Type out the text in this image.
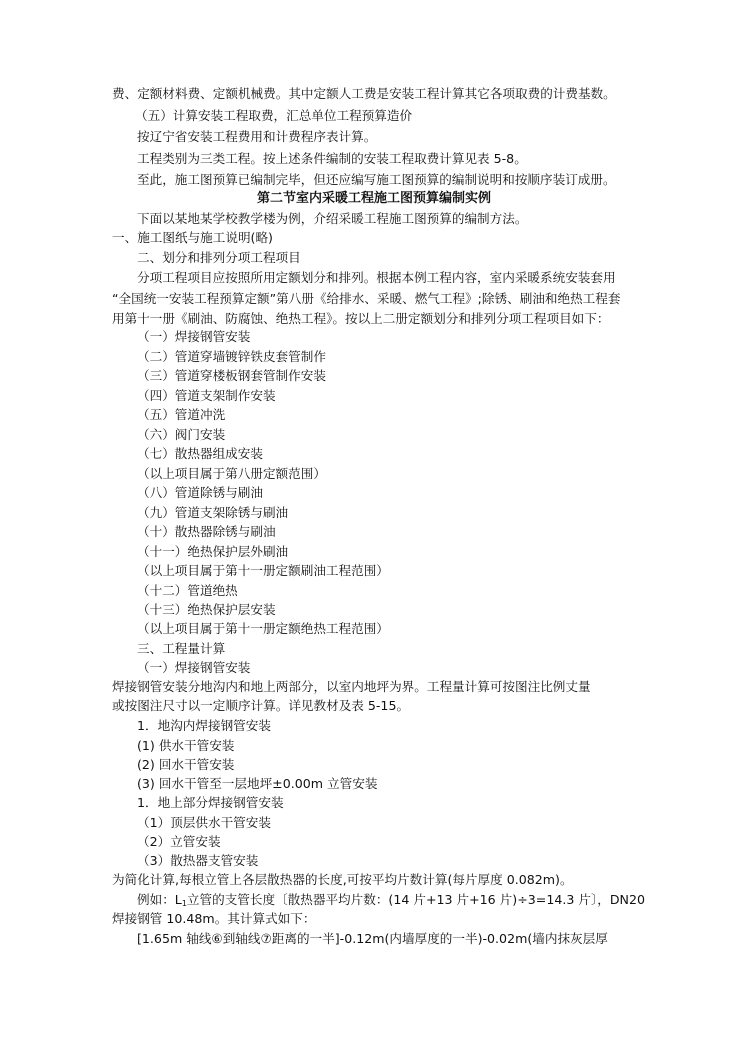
费、定额材料费、定额机械费。其中定额人工费是安装工程计算其它各项取费的计费基数。
（五）计算安装工程取费，汇总单位工程预算造价
按辽宁省安装工程费用和计费程序表计算。
工程类别为三类工程。按上述条件编制的安装工程取费计算见表 5-8。
至此，施工图预算已编制完毕，但还应编写施工图预算的编制说明和按顺序装订成册。
第二节室内采暖工程施工图预算编制实例
下面以某地某学校教学楼为例，介绍采暖工程施工图预算的编制方法。
一、施工图纸与施工说明(略)
二、划分和排列分项工程项目
分项工程项目应按照所用定额划分和排列。根据本例工程内容，室内采暖系统安装套用
“全国统一安装工程预算定额”第八册《给排水、采暖、燃气工程》;除锈、刷油和绝热工程套
用第十一册《刷油、防腐蚀、绝热工程》。按以上二册定额划分和排列分项工程项目如下：
（一）焊接钢管安装
（二）管道穿墙镀锌铁皮套管制作
（三）管道穿楼板钢套管制作安装
（四）管道支架制作安装
（五）管道冲洗
（六）阀门安装
（七）散热器组成安装
（以上项目属于第八册定额范围）
（八）管道除锈与刷油
（九）管道支架除锈与刷油
（十）散热器除锈与刷油
（十一）绝热保护层外刷油
（以上项目属于第十一册定额刷油工程范围）
（十二）管道绝热
（十三）绝热保护层安装
（以上项目属于第十一册定额绝热工程范围）
三、工程量计算
（一）焊接钢管安装
焊接钢管安装分地沟内和地上两部分，以室内地坪为界。工程量计算可按图注比例丈量
或按图注尺寸以一定顺序计算。详见教材及表 5-15。
1．地沟内焊接钢管安装
(1) 供水干管安装
(2) 回水干管安装
(3) 回水干管至一层地坪±0.00m 立管安装
1．地上部分焊接钢管安装
（1）顶层供水干管安装
（2）立管安装
（3）散热器支管安装
为简化计算,每根立管上各层散热器的长度,可按平均片数计算(每片厚度 0.082m)。
例如：$L_1$立管的支管长度〔散热器平均片数：(14 片+13 片+16 片)÷3=14.3 片〕，DN20
焊接钢管 10.48m。其计算式如下：
[1.65m 轴线⑥到轴线⑦距离的一半]-0.12m(内墙厚度的一半)-0.02m(墙内抹灰层厚
